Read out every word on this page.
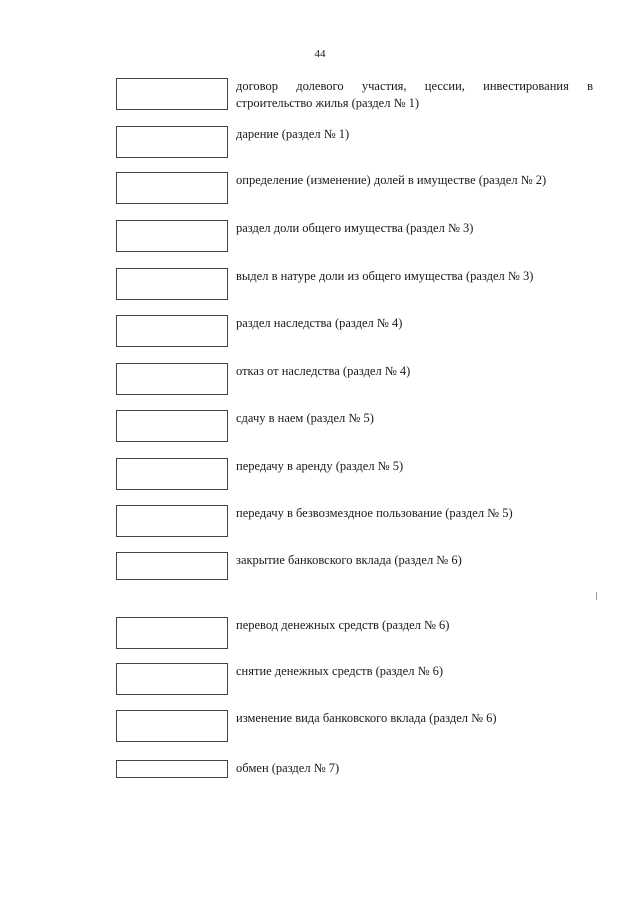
44
договор долевого участия, цессии, инвестирования в строительство жилья (раздел № 1)
дарение (раздел № 1)
определение (изменение) долей в имуществе (раздел № 2)
раздел доли общего имущества (раздел № 3)
выдел в натуре доли из общего имущества (раздел № 3)
раздел наследства (раздел № 4)
отказ от наследства (раздел № 4)
сдачу в наем (раздел № 5)
передачу в аренду (раздел № 5)
передачу в безвозмездное пользование (раздел № 5)
закрытие банковского вклада (раздел № 6)
перевод денежных средств (раздел № 6)
снятие денежных средств (раздел № 6)
изменение вида банковского вклада (раздел № 6)
обмен (раздел № 7)
